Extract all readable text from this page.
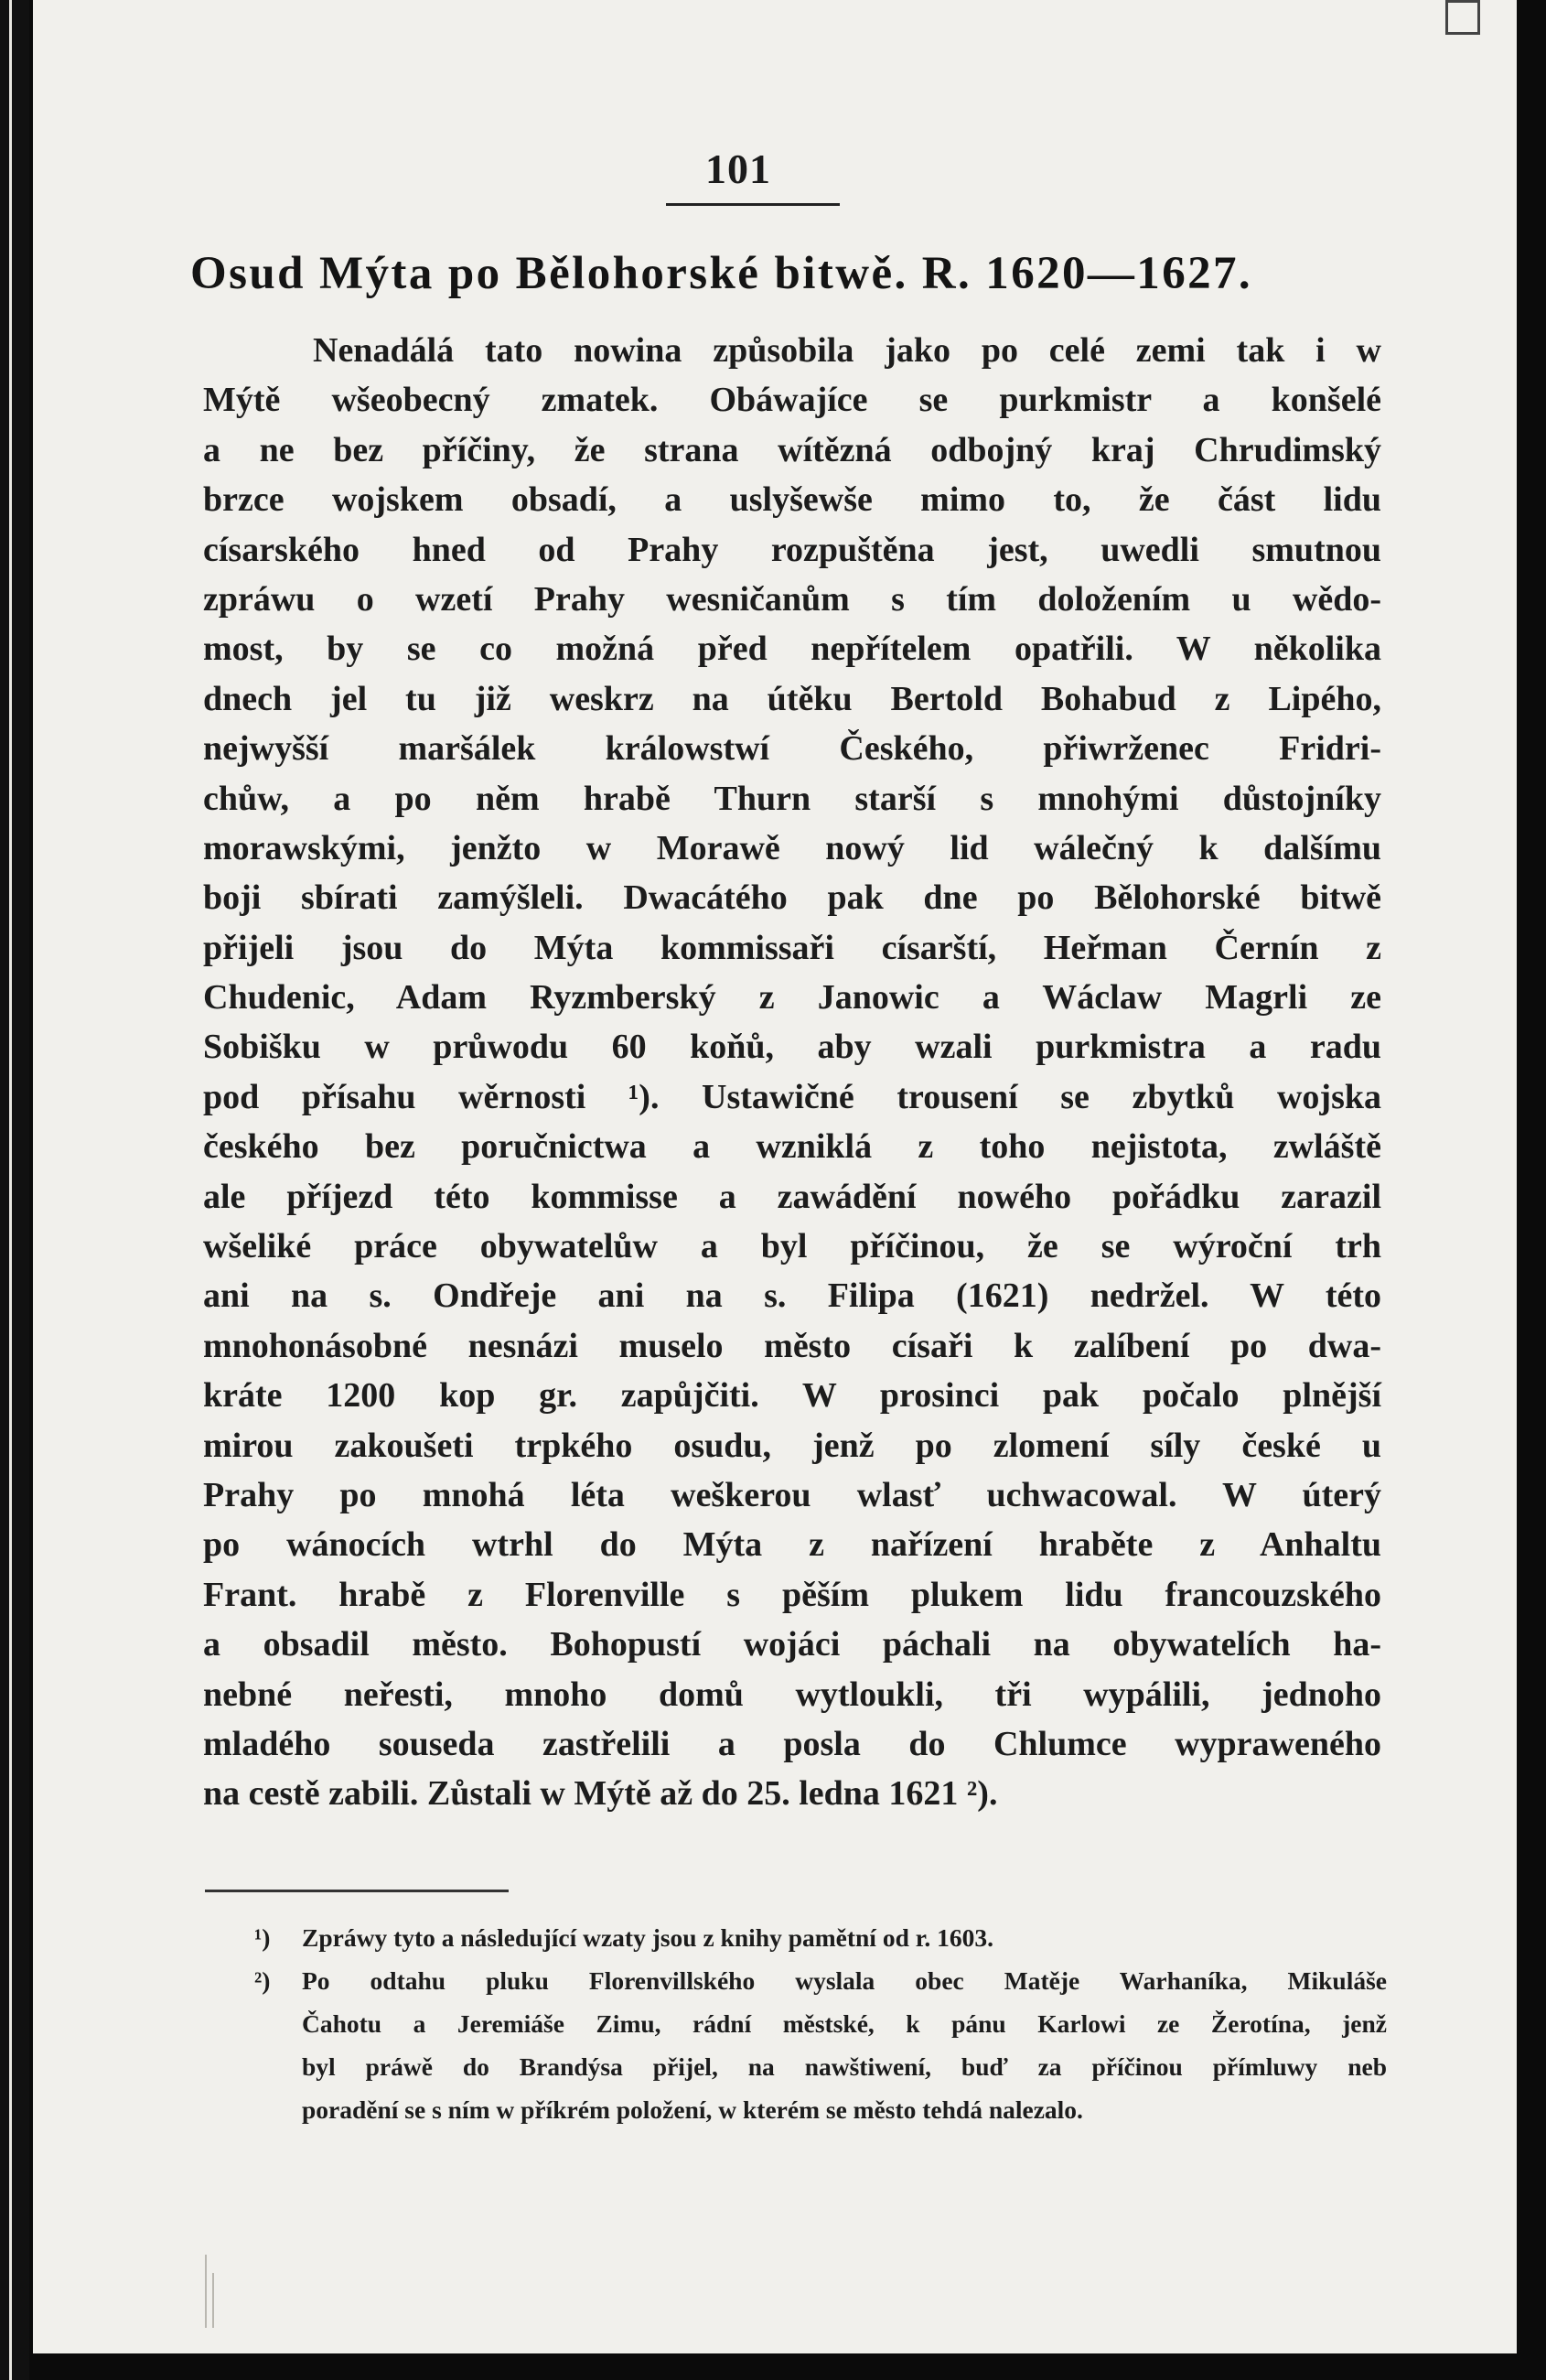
101
Osud Mýta po Bělohorské bitwě. R. 1620—1627.
Nenadálá tato nowina způsobila jako po celé zemi tak i w
Mýtě wšeobecný zmatek. Obáwajíce se purkmistr a konšelé
a ne bez příčiny, že strana wítězná odbojný kraj Chrudimský
brzce wojskem obsadí, a uslyšewše mimo to, že část lidu
císarského hned od Prahy rozpuštěna jest, uwedli smutnou
zpráwu o wzetí Prahy wesničanům s tím doložením u wědo-
most, by se co možná před nepřítelem opatřili. W několika
dnech jel tu již weskrz na útěku Bertold Bohabud z Lipého,
nejwyšší maršálek králowstwí Českého, přiwrženec Fridri-
chůw, a po něm hrabě Thurn starší s mnohými důstojníky
morawskými, jenžto w Morawě nowý lid wálečný k dalšímu
boji sbírati zamýšleli. Dwacátého pak dne po Bělohorské bitwě
přijeli jsou do Mýta kommissaři císarští, Heřman Černín z
Chudenic, Adam Ryzmberský z Janowic a Wáclaw Magrli ze
Sobišku w průwodu 60 koňů, aby wzali purkmistra a radu
pod přísahu wěrnosti ¹). Ustawičné trousení se zbytků wojska
českého bez poručnictwa a wzniklá z toho nejistota, zwláště
ale příjezd této kommisse a zawádění nowého pořádku zarazil
wšeliké práce obywatelůw a byl příčinou, že se wýroční trh
ani na s. Ondřeje ani na s. Filipa (1621) nedržel. W této
mnohonásobné nesnázi muselo město císaři k zalíbení po dwa-
kráte 1200 kop gr. zapůjčiti. W prosinci pak počalo plnější
mirou zakoušeti trpkého osudu, jenž po zlomení síly české u
Prahy po mnohá léta weškerou wlasť uchwacowal. W úterý
po wánocích wtrhl do Mýta z nařízení hraběte z Anhaltu
Frant. hrabě z Florenville s pěším plukem lidu francouzského
a obsadil město. Bohopustí wojáci páchali na obywatelích ha-
nebné neřesti, mnoho domů wytloukli, tři wypálili, jednoho
mladého souseda zastřelili a posla do Chlumce wypraweného
na cestě zabili. Zůstali w Mýtě až do 25. ledna 1621 ²).
¹) Zpráwy tyto a následující wzaty jsou z knihy pamětní od r. 1603.
²) Po odtahu pluku Florenvillského wyslala obec Matěje Warhaníka, Mikuláše
Čahotu a Jeremiáše Zimu, rádní městské, k pánu Karlowi ze Žerotína, jenž
byl práwě do Brandýsa přijel, na nawštiwení, buď za příčinou přímluwy neb
poradění se s ním w příkrém položení, w kterém se město tehdá nalezalo.
